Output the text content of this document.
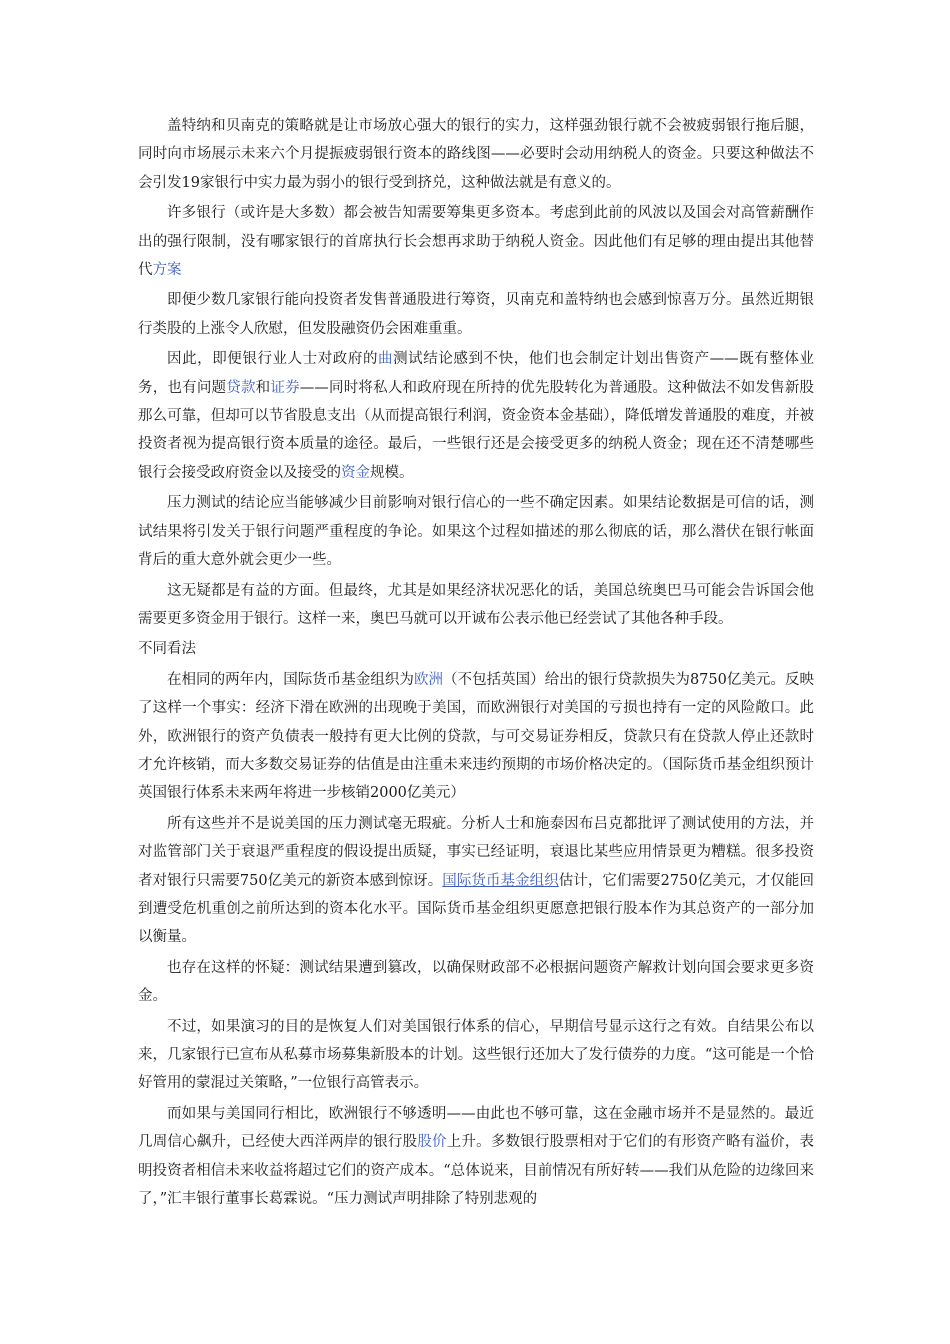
盖特纳和贝南克的策略就是让市场放心强大的银行的实力，这样强劲银行就不会被疲弱银行拖后腿，同时向市场展示未来六个月提振疲弱银行资本的路线图——必要时会动用纳税人的资金。只要这种做法不会引发19家银行中实力最为弱小的银行受到挤兑，这种做法就是有意义的。

许多银行（或许是大多数）都会被告知需要筹集更多资本。考虑到此前的风波以及国会对高管薪酬作出的强行限制，没有哪家银行的首席执行长会想再求助于纳税人资金。因此他们有足够的理由提出其他替代方案

即便少数几家银行能向投资者发售普通股进行筹资，贝南克和盖特纳也会感到惊喜万分。虽然近期银行类股的上涨令人欣慰，但发股融资仍会困难重重。

因此，即便银行业人士对政府的曲测试结论感到不快，他们也会制定计划出售资产——既有整体业务，也有问题贷款和证券——同时将私人和政府现在所持的优先股转化为普通股。这种做法不如发售新股那么可靠，但却可以节省股息支出（从而提高银行利润，资金资本金基础），降低增发普通股的难度，并被投资者视为提高银行资本质量的途径。最后，一些银行还是会接受更多的纳税人资金；现在还不清楚哪些银行会接受政府资金以及接受的资金规模。

压力测试的结论应当能够减少目前影响对银行信心的一些不确定因素。如果结论数据是可信的话，测试结果将引发关于银行问题严重程度的争论。如果这个过程如描述的那么彻底的话，那么潜伏在银行帐面背后的重大意外就会更少一些。

这无疑都是有益的方面。但最终，尤其是如果经济状况恶化的话，美国总统奥巴马可能会告诉国会他需要更多资金用于银行。这样一来，奥巴马就可以开诚布公表示他已经尝试了其他各种手段。

不同看法

在相同的两年内，国际货币基金组织为欧洲（不包括英国）给出的银行贷款损失为8750亿美元。反映了这样一个事实：经济下滑在欧洲的出现晚于美国，而欧洲银行对美国的亏损也持有一定的风险敞口。此外，欧洲银行的资产负债表一般持有更大比例的贷款，与可交易证券相反，贷款只有在贷款人停止还款时才允许核销，而大多数交易证券的估值是由注重未来违约预期的市场价格决定的。（国际货币基金组织预计英国银行体系未来两年将进一步核销2000亿美元）

所有这些并不是说美国的压力测试毫无瑕疵。分析人士和施泰因布吕克都批评了测试使用的方法，并对监管部门关于衰退严重程度的假设提出质疑，事实已经证明，衰退比某些应用情景更为糟糕。很多投资者对银行只需要750亿美元的新资本感到惊讶。国际货币基金组织估计，它们需要2750亿美元，才仅能回到遭受危机重创之前所达到的资本化水平。国际货币基金组织更愿意把银行股本作为其总资产的一部分加以衡量。

也存在这样的怀疑：测试结果遭到篡改，以确保财政部不必根据问题资产解救计划向国会要求更多资金。

不过，如果演习的目的是恢复人们对美国银行体系的信心，早期信号显示这行之有效。自结果公布以来，几家银行已宣布从私募市场募集新股本的计划。这些银行还加大了发行债券的力度。“这可能是一个恰好管用的蒙混过关策略，”一位银行高管表示。

而如果与美国同行相比，欧洲银行不够透明——由此也不够可靠，这在金融市场并不是显然的。最近几周信心飙升，已经使大西洋两岸的银行股股价上升。多数银行股票相对于它们的有形资产略有溢价，表明投资者相信未来收益将超过它们的资产成本。“总体说来，目前情况有所好转——我们从危险的边缘回来了，”汇丰银行董事长葛霖说。“压力测试声明排除了特别悲观的
